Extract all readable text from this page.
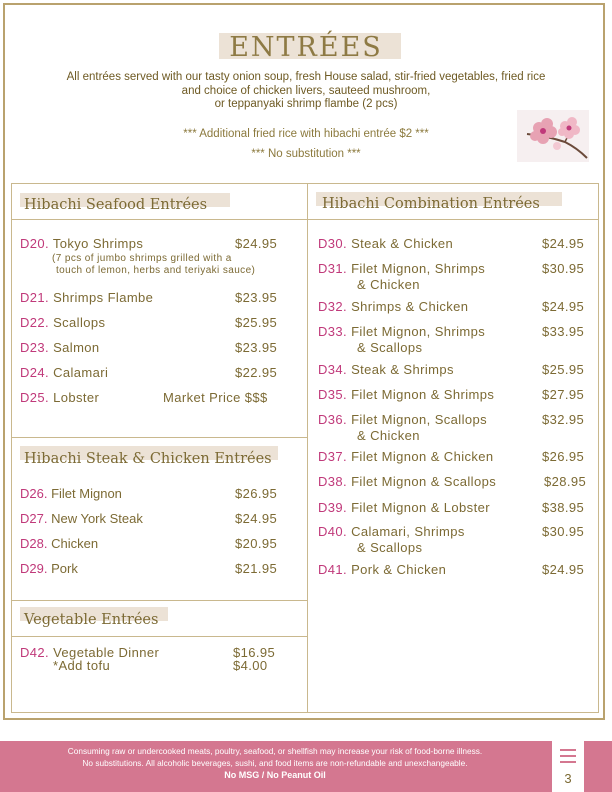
ENTRÉES
All entrées served with our tasty onion soup, fresh House salad, stir-fried vegetables, fried rice
and choice of chicken livers, sauteed mushroom,
or teppanyaki shrimp flambe (2 pcs)
*** Additional fried rice with hibachi entrée $2 ***
*** No substitution ***
Hibachi Seafood Entrées
D20. Tokyo Shrimps	$24.95
(7 pcs of jumbo shrimps grilled with a
touch of lemon, herbs and teriyaki sauce)
D21. Shrimps Flambe	$23.95
D22. Scallops	$25.95
D23. Salmon	$23.95
D24. Calamari	$22.95
D25. Lobster	Market Price $$$
Hibachi Steak & Chicken Entrées
D26. Filet Mignon	$26.95
D27. New York Steak	$24.95
D28. Chicken	$20.95
D29. Pork	$21.95
Vegetable Entrées
D42. Vegetable Dinner	$16.95
*Add tofu	$4.00
Hibachi Combination Entrées
D30. Steak & Chicken	$24.95
D31. Filet Mignon, Shrimps	$30.95
& Chicken
D32. Shrimps & Chicken	$24.95
D33. Filet Mignon, Shrimps	$33.95
& Scallops
D34. Steak & Shrimps	$25.95
D35. Filet Mignon & Shrimps	$27.95
D36. Filet Mignon, Scallops	$32.95
& Chicken
D37. Filet Mignon & Chicken	$26.95
D38. Filet Mignon & Scallops	$28.95
D39. Filet Mignon & Lobster	$38.95
D40. Calamari, Shrimps	$30.95
& Scallops
D41. Pork & Chicken	$24.95
Consuming raw or undercooked meats, poultry, seafood, or shellfish may increase your risk of food-borne illness.
No substitutions. All alcoholic beverages, sushi, and food items are non-refundable and unexchangeable.
No MSG / No Peanut Oil	3
